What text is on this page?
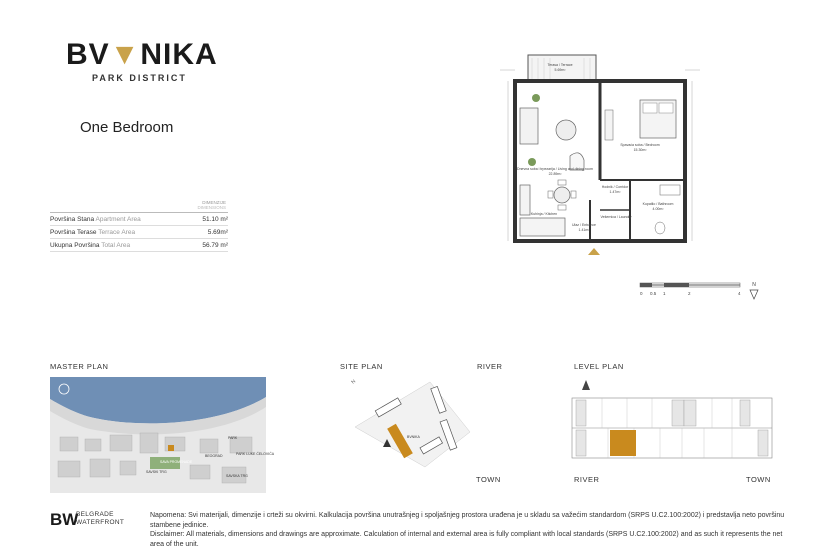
BV▼NIKA
PARK DISTRICT
One Bedroom
DIMENZIJE
DIMENSIONS
Površina Stana Apartment Area	51.10 m²
Površina Terase Terrace Area	5.69m²
Ukupna Površina Total Area	56.79 m²
Terasa / Terrace
5.69m²
Dnevna soba i trpezarija / Living and dining room
22.89m²
Kuhinja / Kitchen
Spavaća soba / Bedroom
15.30m²
Hodnik / Corridor
1.47m²
Kupatilo / Bathroom
4.00m²
Vešernica / Laundry
Ulaz / Entrance
1.41m²
0 0.5 1	2	4
N
MASTER PLAN	SITE PLAN	RIVER	LEVEL PLAN
TOWN	RIVER	TOWN
PARK
BEOGRAD	PARK LUKE ĆELOVIĆA
SAVSKI TRG
SAVA PROMENADE
SAVSKA TRG
BVNIKA
N
BW
BELGRADE
WATERFRONT
Napomena: Svi materijali, dimenzije i crteži su okvirni. Kalkulacija površina unutrašnjeg i spoljašnjeg prostora urađena je u skladu sa važećim standardom (SRPS U.C2.100:2002) i predstavlja neto površinu stambene jedinice.
Disclaimer: All materials, dimensions and drawings are approximate. Calculation of internal and external area is fully compliant with local standards (SRPS U.C2.100:2002) and as such it represents the net area of the unit.
